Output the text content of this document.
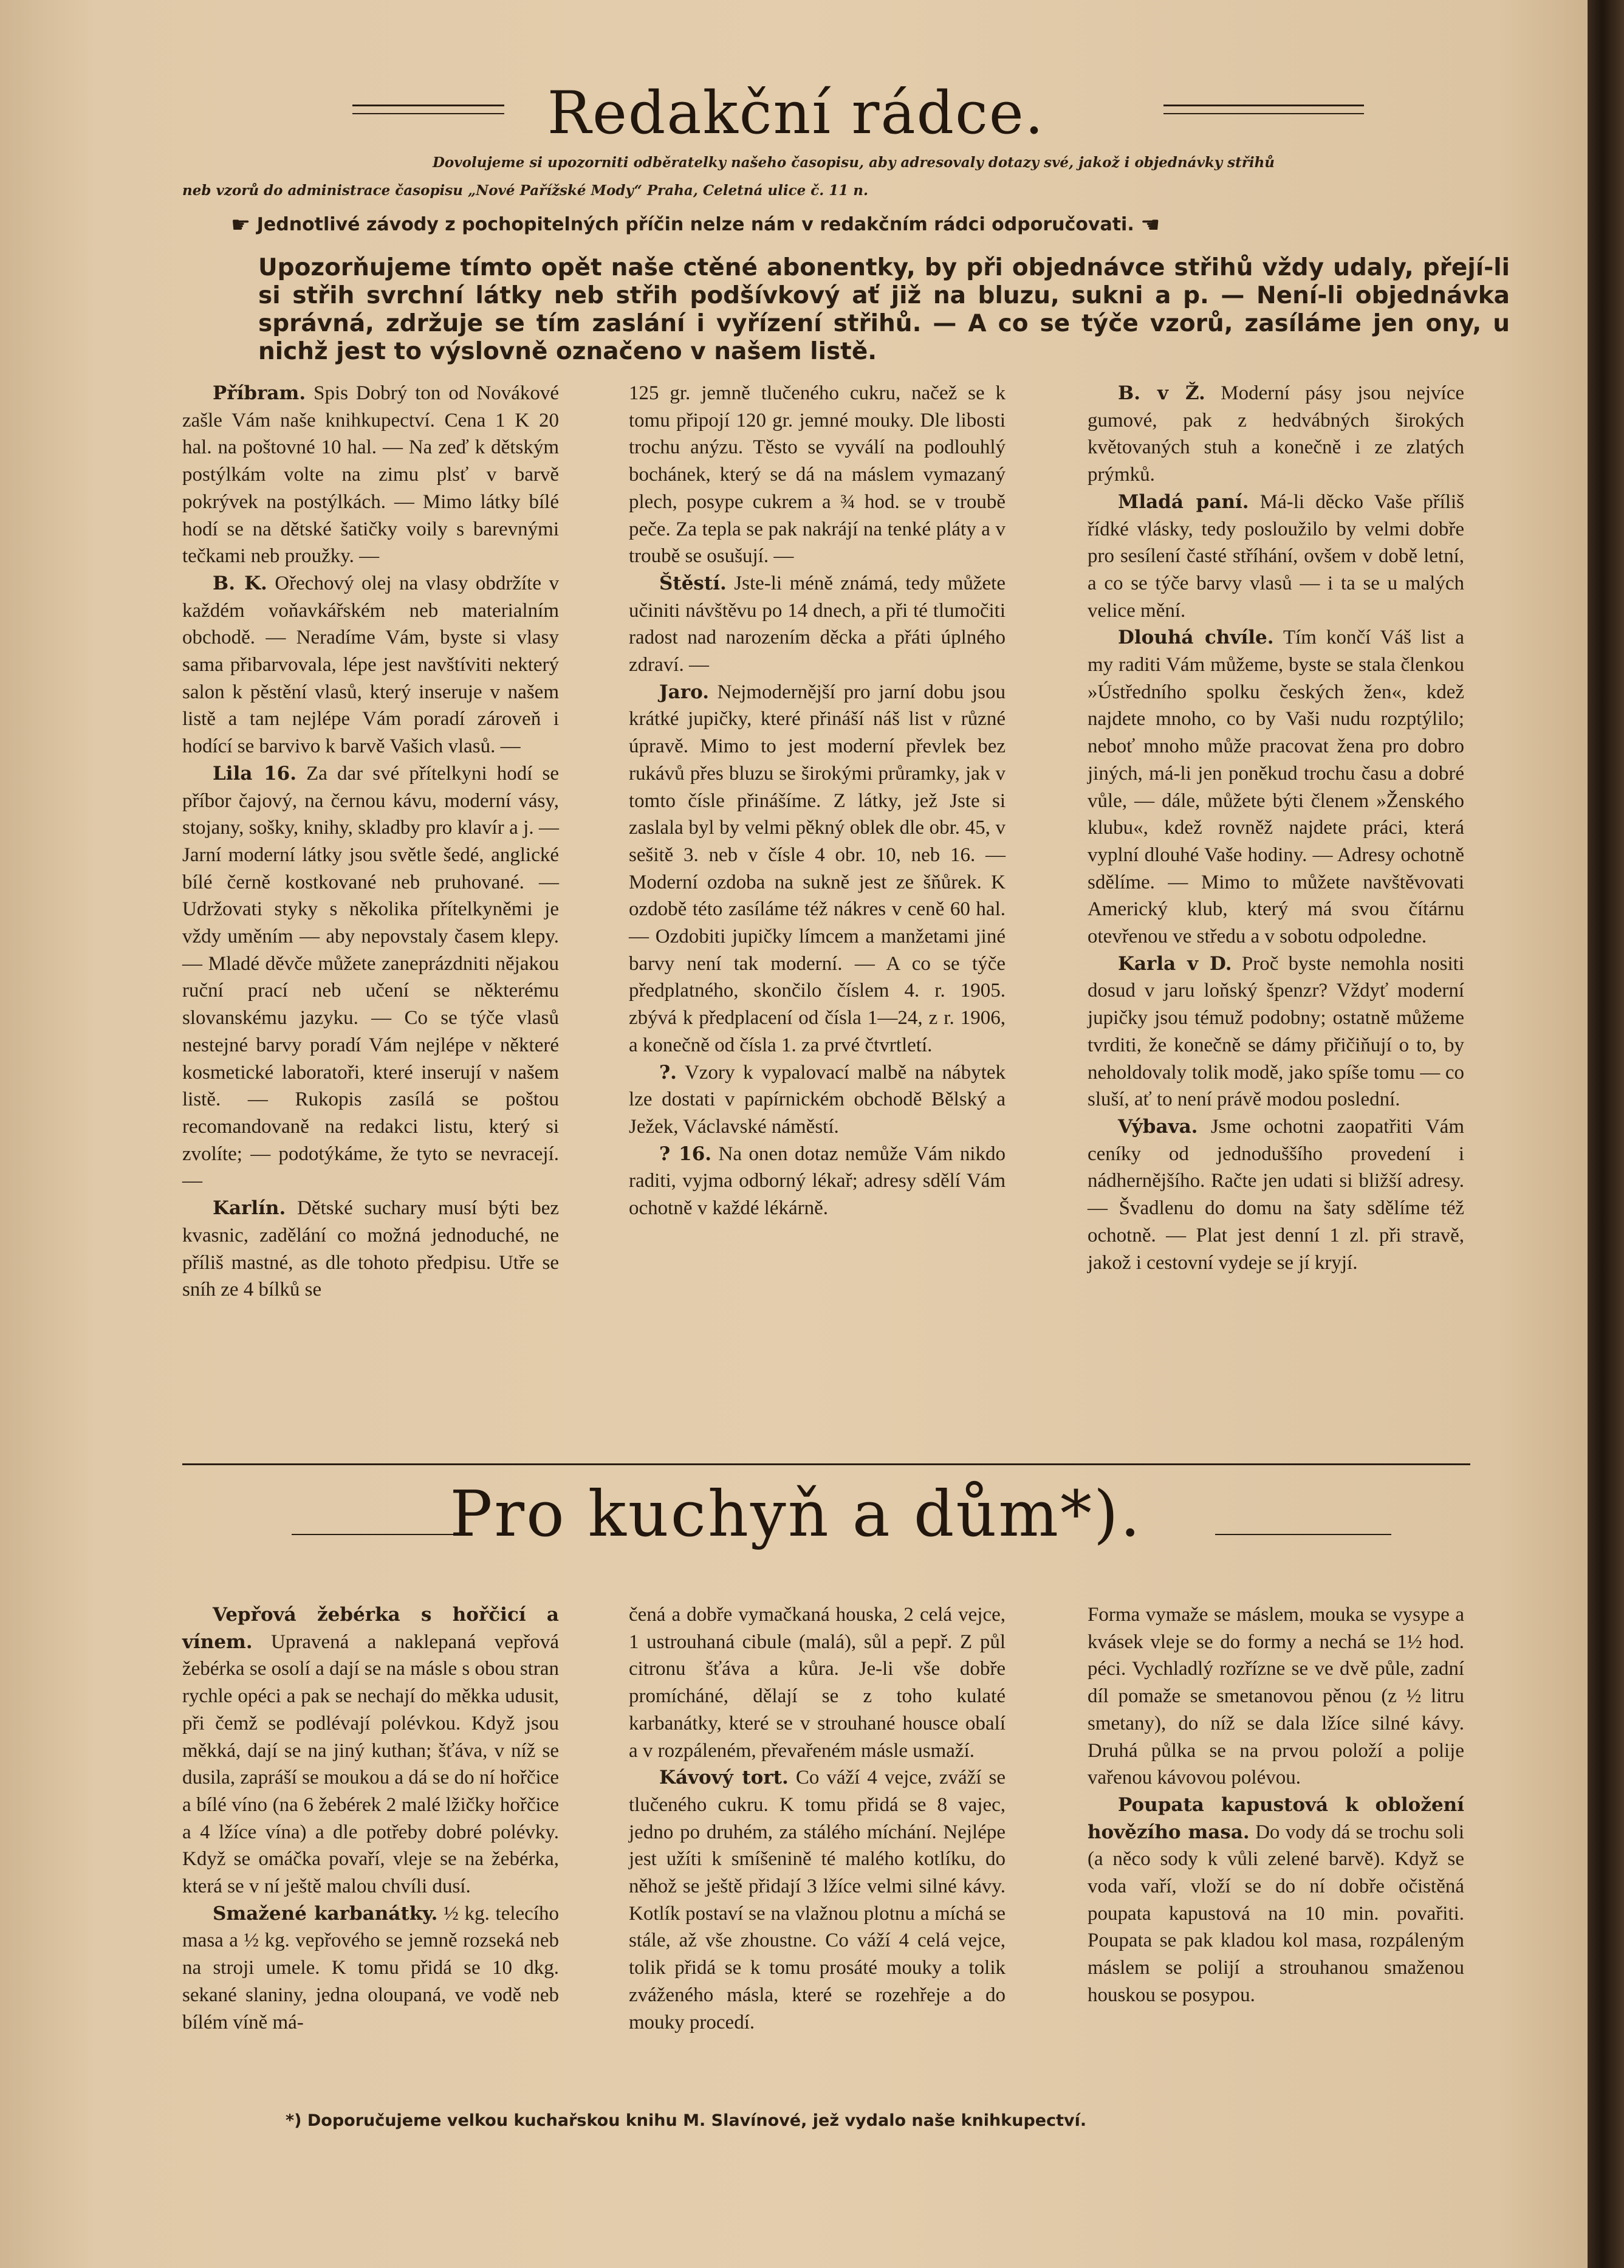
Redakční rádce.

Dovolujeme si upozorniti odběratelky našeho časopisu, aby adresovaly dotazy své, jakož i objednávky střihů

neb vzorů do administrace časopisu „Nové Pařížské Mody“ Praha, Celetná ulice č. 11 n.

☛ Jednotlivé závody z pochopitelných příčin nelze nám v redakčním rádci odporučovati. ☚

Upozorňujeme tímto opět naše ctěné abonentky, by při objednávce střihů vždy udaly, přejí-li si střih svrchní látky neb střih podšívkový ať již na bluzu, sukni a p. — Není-li objednávka správná, zdržuje se tím zaslání i vyřízení střihů. — A co se týče vzorů, zasíláme jen ony, u nichž jest to výslovně označeno v našem listě.

Příbram. Spis Dobrý ton od Novákové zašle Vám naše knihkupectví. Cena 1 K 20 hal. na poštovné 10 hal. — Na zeď k dětským postýlkám volte na zimu plsť v barvě pokrývek na postýlkách. — Mimo látky bílé hodí se na dětské šatičky voily s barevnými tečkami neb proužky. —

B. K. Ořechový olej na vlasy obdržíte v každém voňavkářském neb materialním obchodě. — Neradíme Vám, byste si vlasy sama přibarvovala, lépe jest navštíviti nekterý salon k pěstění vlasů, který inseruje v našem listě a tam nejlépe Vám poradí zároveň i hodící se barvivo k barvě Vašich vlasů. —

Lila 16. Za dar své přítelkyni hodí se příbor čajový, na černou kávu, moderní vásy, stojany, sošky, knihy, skladby pro klavír a j. — Jarní moderní látky jsou světle šedé, anglické bílé černě kostkované neb pruhované. — Udržovati styky s několika přítelkyněmi je vždy uměním — aby nepovstaly časem klepy. — Mladé děvče můžete zaneprázdniti nějakou ruční prací neb učení se některému slovanskému jazyku. — Co se týče vlasů nestejné barvy poradí Vám nejlépe v některé kosmetické laboratoři, které inserují v našem listě. — Rukopis zasílá se poštou recomandovaně na redakci listu, který si zvolíte; — podotýkáme, že tyto se nevracejí. —

Karlín. Dětské suchary musí býti bez kvasnic, zadělání co možná jednoduché, ne příliš mastné, as dle tohoto předpisu. Utře se sníh ze 4 bílků se

125 gr. jemně tlučeného cukru, načež se k tomu připojí 120 gr. jemné mouky. Dle libosti trochu anýzu. Těsto se vyválí na podlouhlý bochánek, který se dá na máslem vymazaný plech, posype cukrem a ¾ hod. se v troubě peče. Za tepla se pak nakrájí na tenké pláty a v troubě se osušují. —

Štěstí. Jste-li méně známá, tedy můžete učiniti návštěvu po 14 dnech, a při té tlumočiti radost nad narozením děcka a přáti úplného zdraví. —

Jaro. Nejmodernější pro jarní dobu jsou krátké jupičky, které přináší náš list v různé úpravě. Mimo to jest moderní převlek bez rukávů přes bluzu se širokými průramky, jak v tomto čísle přinášíme. Z látky, jež Jste si zaslala byl by velmi pěkný oblek dle obr. 45, v sešitě 3. neb v čísle 4 obr. 10, neb 16. — Moderní ozdoba na sukně jest ze šňůrek. K ozdobě této zasíláme též nákres v ceně 60 hal. — Ozdobiti jupičky límcem a manžetami jiné barvy není tak moderní. — A co se týče předplatného, skončilo číslem 4. r. 1905. zbývá k předplacení od čísla 1—24, z r. 1906, a konečně od čísla 1. za prvé čtvrtletí.

?. Vzory k vypalovací malbě na nábytek lze dostati v papírnickém obchodě Bělský a Ježek, Václavské náměstí.

? 16. Na onen dotaz nemůže Vám nikdo raditi, vyjma odborný lékař; adresy sdělí Vám ochotně v každé lékárně.

B. v Ž. Moderní pásy jsou nejvíce gumové, pak z hedvábných širokých květovaných stuh a konečně i ze zlatých prýmků.

Mladá paní. Má-li děcko Vaše příliš řídké vlásky, tedy posloužilo by velmi dobře pro sesílení časté stříhání, ovšem v době letní, a co se týče barvy vlasů — i ta se u malých velice mění.

Dlouhá chvíle. Tím končí Váš list a my raditi Vám můžeme, byste se stala členkou »Ústředního spolku českých žen«, kdež najdete mnoho, co by Vaši nudu rozptýlilo; neboť mnoho může pracovat žena pro dobro jiných, má-li jen poněkud trochu času a dobré vůle, — dále, můžete býti členem »Ženského klubu«, kdež rovněž najdete práci, která vyplní dlouhé Vaše hodiny. — Adresy ochotně sdělíme. — Mimo to můžete navštěvovati Americký klub, který má svou čítárnu otevřenou ve středu a v sobotu odpoledne.

Karla v D. Proč byste nemohla nositi dosud v jaru loňský špenzr? Vždyť moderní jupičky jsou témuž podobny; ostatně můžeme tvrditi, že konečně se dámy přičiňují o to, by neholdovaly tolik modě, jako spíše tomu — co sluší, ať to není právě modou poslední.

Výbava. Jsme ochotni zaopatřiti Vám ceníky od jednoduššího provedení i nádhernějšího. Račte jen udati si bližší adresy. — Švadlenu do domu na šaty sdělíme též ochotně. — Plat jest denní 1 zl. při stravě, jakož i cestovní vydeje se jí kryjí.

Pro kuchyň a dům*).

Vepřová žebérka s hořčicí a vínem. Upravená a naklepaná vepřová žebérka se osolí a dají se na másle s obou stran rychle opéci a pak se nechají do měkka udusit, při čemž se podlévají polévkou. Když jsou měkká, dají se na jiný kuthan; šťáva, v níž se dusila, zapráší se moukou a dá se do ní hořčice a bílé víno (na 6 žebérek 2 malé lžičky hořčice a 4 lžíce vína) a dle potřeby dobré polévky. Když se omáčka povaří, vleje se na žebérka, která se v ní ještě malou chvíli dusí.

Smažené karbanátky. ½ kg. telecího masa a ½ kg. vepřového se jemně rozseká neb na stroji umele. K tomu přidá se 10 dkg. sekané slaniny, jedna oloupaná, ve vodě neb bílém víně má-

čená a dobře vymačkaná houska, 2 celá vejce, 1 ustrouhaná cibule (malá), sůl a pepř. Z půl citronu šťáva a kůra. Je-li vše dobře promícháné, dělají se z toho kulaté karbanátky, které se v strouhané housce obalí a v rozpáleném, převařeném másle usmaží.

Kávový tort. Co váží 4 vejce, zváží se tlučeného cukru. K tomu přidá se 8 vajec, jedno po druhém, za stálého míchání. Nejlépe jest užíti k smíšenině té malého kotlíku, do něhož se ještě přidají 3 lžíce velmi silné kávy. Kotlík postaví se na vlažnou plotnu a míchá se stále, až vše zhoustne. Co váží 4 celá vejce, tolik přidá se k tomu prosáté mouky a tolik zváženého másla, které se rozehřeje a do mouky procedí.

Forma vymaže se máslem, mouka se vysype a kvásek vleje se do formy a nechá se 1½ hod. péci. Vychladlý rozříznе se ve dvě půle, zadní díl pomaže se smetanovou pěnou (z ½ litru smetany), do níž se dala lžíce silné kávy. Druhá půlka se na prvou položí a polije vařenou kávovou polévou.

Poupata kapustová k obložení hovězího masa. Do vody dá se trochu soli (a něco sody k vůli zelené barvě). Když se voda vaří, vloží se do ní dobře očistěná poupata kapustová na 10 min. povařiti. Poupata se pak kladou kol masa, rozpáleným máslem se polijí a strouhanou smaženou houskou se posypou.

*) Doporučujeme velkou kuchařskou knihu M. Slavínové, jež vydalo naše knihkupectví.
